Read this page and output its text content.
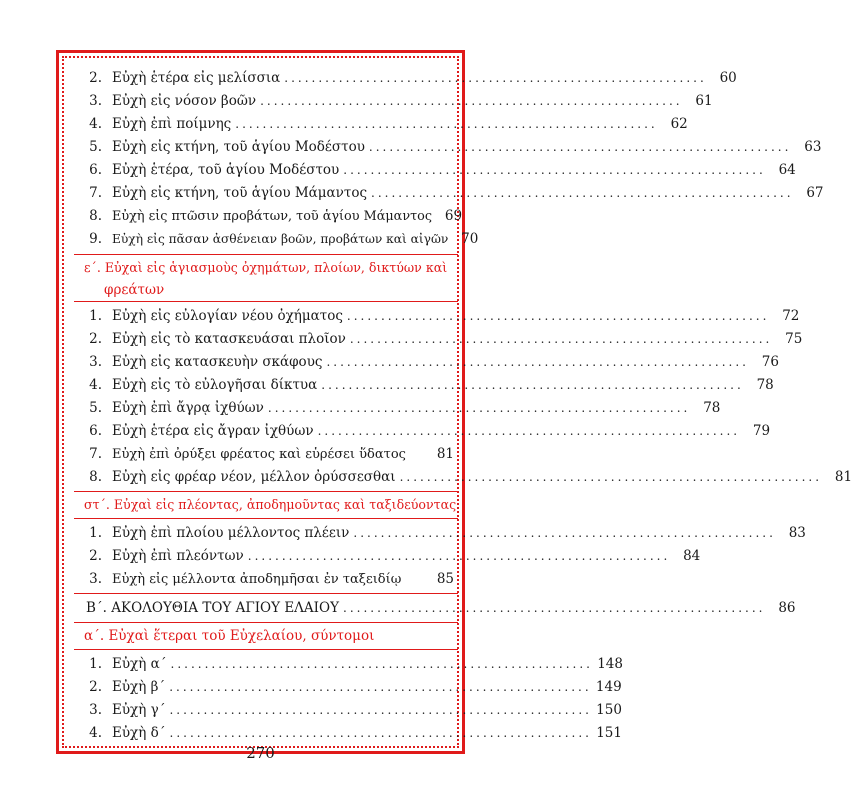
2. Εὐχὴ ἑτέρα εἰς μελίσσια .............................................................. 60
3. Εὐχὴ εἰς νόσον βοῶν .............................................................. 61
4. Εὐχὴ ἐπὶ ποίμνης .............................................................. 62
5. Εὐχὴ εἰς κτήνη, τοῦ ἁγίου Μοδέστου .............................................................. 63
6. Εὐχὴ ἑτέρα, τοῦ ἁγίου Μοδέστου .............................................................. 64
7. Εὐχὴ εἰς κτήνη, τοῦ ἁγίου Μάμαντος .............................................................. 67
8. Εὐχὴ εἰς πτῶσιν προβάτων, τοῦ ἁγίου Μάμαντος 69
9. Εὐχὴ εἰς πᾶσαν ἀσθένειαν βοῶν, προβάτων καὶ αἰγῶν 70
ε΄. Εὐχαὶ εἰς ἁγιασμοὺς ὀχημάτων, πλοίων, δικτύων καὶ
φρεάτων
1. Εὐχὴ εἰς εὐλογίαν νέου ὀχήματος .............................................................. 72
2. Εὐχὴ εἰς τὸ κατασκευάσαι πλοῖον .............................................................. 75
3. Εὐχὴ εἰς κατασκευὴν σκάφους .............................................................. 76
4. Εὐχὴ εἰς τὸ εὐλογῆσαι δίκτυα .............................................................. 78
5. Εὐχὴ ἐπὶ ἄγρᾳ ἰχθύων .............................................................. 78
6. Εὐχὴ ἑτέρα εἰς ἄγραν ἰχθύων .............................................................. 79
7. Εὐχὴ ἐπὶ ὀρύξει φρέατος καὶ εὑρέσει ὕδατος	81
8. Εὐχὴ εἰς φρέαρ νέον, μέλλον ὀρύσσεσθαι .............................................................. 81
στ΄. Εὐχαὶ εἰς πλέοντας, ἀποδημοῦντας καὶ ταξιδεύοντας
1. Εὐχὴ ἐπὶ πλοίου μέλλοντος πλέειν .............................................................. 83
2. Εὐχὴ ἐπὶ πλεόντων .............................................................. 84
3. Εὐχὴ εἰς μέλλοντα ἀποδημῆσαι ἐν ταξειδίῳ	85
Β΄. ΑΚΟΛΟΥΘΙΑ ΤΟΥ ΑΓΙΟΥ ΕΛΑΙΟΥ .............................................................. 86
α΄. Εὐχαὶ ἕτεραι τοῦ Εὐχελαίου, σύντομοι
1. Εὐχὴ α΄ .............................................................. 148
2. Εὐχὴ β΄ .............................................................. 149
3. Εὐχὴ γ΄ .............................................................. 150
4. Εὐχὴ δ΄ .............................................................. 151
270
